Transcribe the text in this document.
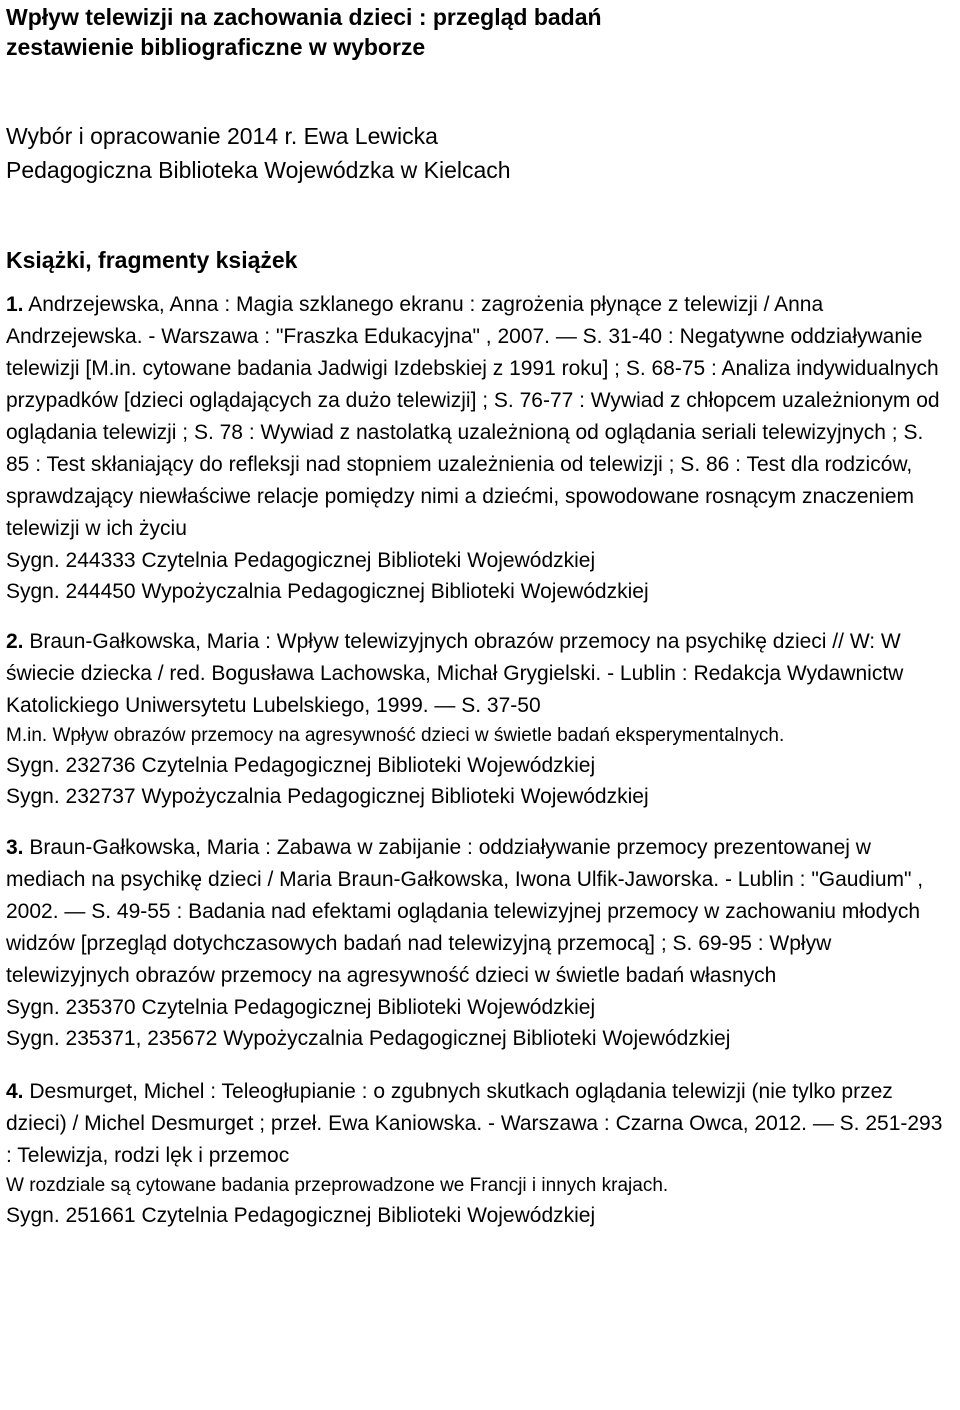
Wpływ telewizji na zachowania dzieci : przegląd badań

zestawienie bibliograficzne w wyborze

Wybór i opracowanie 2014 r. Ewa Lewicka

Pedagogiczna Biblioteka Wojewódzka w Kielcach

Książki, fragmenty książek

1. Andrzejewska, Anna : Magia szklanego ekranu : zagrożenia płynące z telewizji / Anna Andrzejewska. - Warszawa : "Fraszka Edukacyjna" , 2007. — S. 31-40 : Negatywne oddziaływanie telewizji [M.in. cytowane badania Jadwigi Izdebskiej z 1991 roku] ; S. 68-75 : Analiza indywidualnych przypadków [dzieci oglądających za dużo telewizji] ; S. 76-77 : Wywiad z chłopcem uzależnionym od oglądania telewizji ; S. 78 : Wywiad z nastolatką uzależnioną od oglądania seriali telewizyjnych ; S. 85 : Test skłaniający do refleksji nad stopniem uzależnienia od telewizji ; S. 86 : Test dla rodziców, sprawdzający niewłaściwe relacje pomiędzy nimi a dziećmi, spowodowane rosnącym znaczeniem telewizji w ich życiu

Sygn. 244333 Czytelnia Pedagogicznej Biblioteki Wojewódzkiej

Sygn. 244450 Wypożyczalnia Pedagogicznej Biblioteki Wojewódzkiej

2. Braun-Gałkowska, Maria : Wpływ telewizyjnych obrazów przemocy na psychikę dzieci // W: W świecie dziecka / red. Bogusława Lachowska, Michał Grygielski. - Lublin : Redakcja Wydawnictw Katolickiego Uniwersytetu Lubelskiego, 1999. — S. 37-50

M.in. Wpływ obrazów przemocy na agresywność dzieci w świetle badań eksperymentalnych.

Sygn. 232736 Czytelnia Pedagogicznej Biblioteki Wojewódzkiej

Sygn. 232737 Wypożyczalnia Pedagogicznej Biblioteki Wojewódzkiej

3. Braun-Gałkowska, Maria : Zabawa w zabijanie : oddziaływanie przemocy prezentowanej w mediach na psychikę dzieci / Maria Braun-Gałkowska, Iwona Ulfik-Jaworska. - Lublin : "Gaudium" , 2002. — S. 49-55 : Badania nad efektami oglądania telewizyjnej przemocy w zachowaniu młodych widzów [przegląd dotychczasowych badań nad telewizyjną przemocą] ; S. 69-95 : Wpływ telewizyjnych obrazów przemocy na agresywność dzieci w świetle badań własnych

Sygn. 235370 Czytelnia Pedagogicznej Biblioteki Wojewódzkiej

Sygn. 235371, 235672 Wypożyczalnia Pedagogicznej Biblioteki Wojewódzkiej

4. Desmurget, Michel : Teleogłupianie : o zgubnych skutkach oglądania telewizji (nie tylko przez dzieci) / Michel Desmurget ; przeł. Ewa Kaniowska. - Warszawa : Czarna Owca, 2012. — S. 251-293 : Telewizja, rodzi lęk i przemoc

W rozdziale są cytowane badania przeprowadzone we Francji i innych krajach.

Sygn. 251661 Czytelnia Pedagogicznej Biblioteki Wojewódzkiej
